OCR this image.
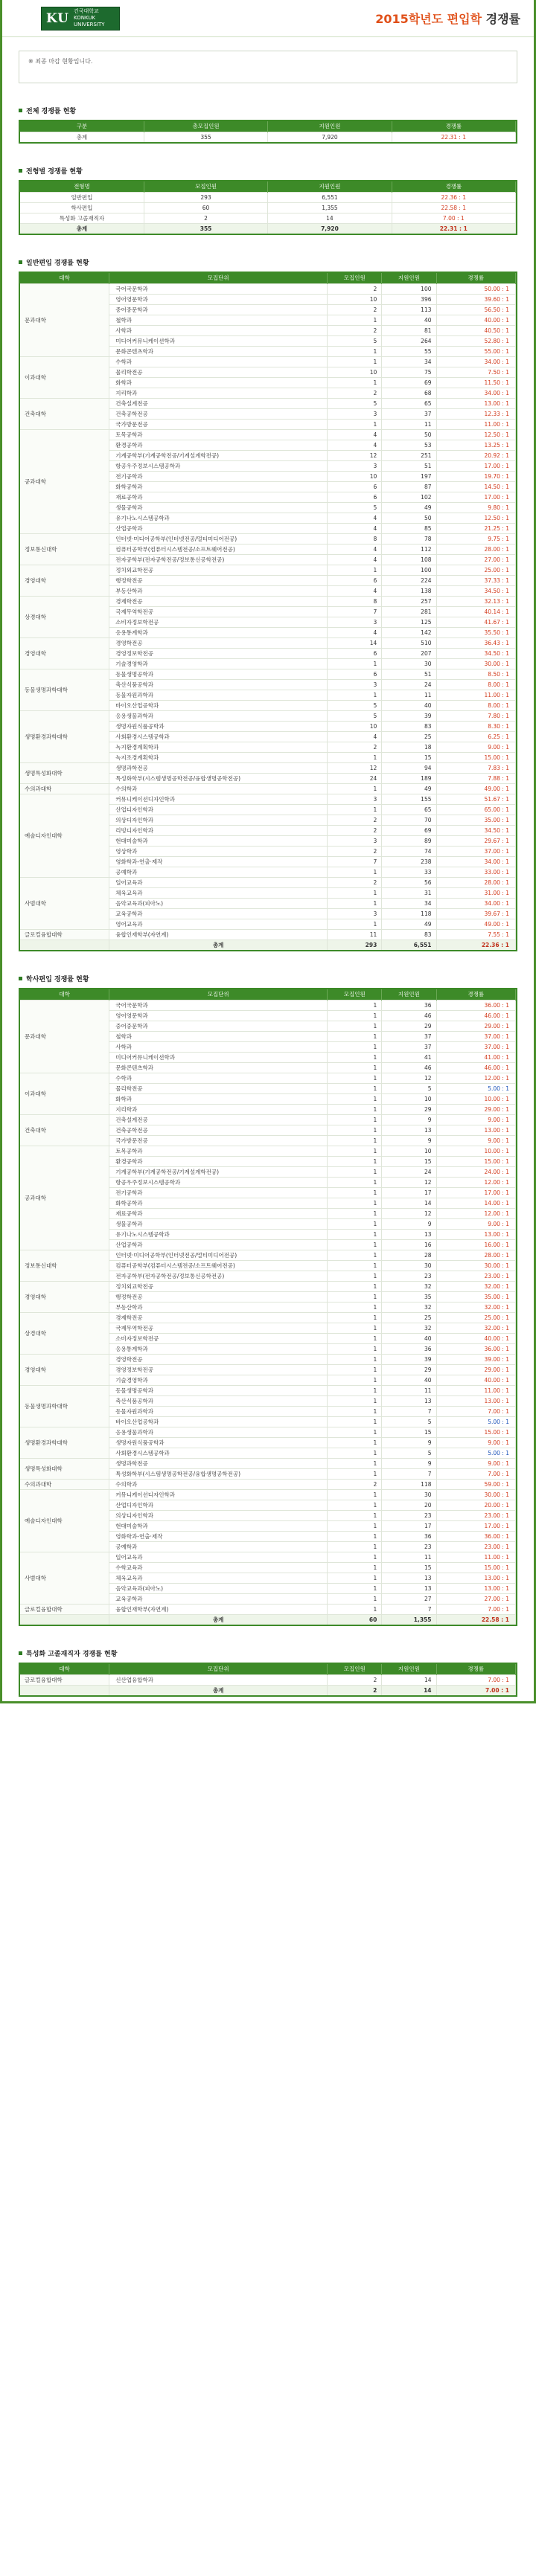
KU 건국대학교
KONKUK UNIVERSITY	2015학년도 편입학 경쟁률
※ 최종 마감 현황입니다.
전체 경쟁률 현황
구분	총모집인원	지원인원	경쟁률
총계	355	7,920	22.31 : 1
전형별 경쟁률 현황
전형명	모집인원	지원인원	경쟁률
일반편입	293	6,551	22.36 : 1
학사편입	60	1,355	22.58 : 1
특성화 고졸재직자	2	14	7.00 : 1
총계	355	7,920	22.31 : 1
일반편입 경쟁률 현황
대학	모집단위	모집인원	지원인원	경쟁률
문과대학	국어국문학과	2	100	50.00 : 1
	영어영문학과	10	396	39.60 : 1
	중어중문학과	2	113	56.50 : 1
	철학과	1	40	40.00 : 1
	사학과	2	81	40.50 : 1
	미디어커뮤니케이션학과	5	264	52.80 : 1
	문화콘텐츠학과	1	55	55.00 : 1
이과대학	수학과	1	34	34.00 : 1
	물리학전공	10	75	7.50 : 1
	화학과	1	69	11.50 : 1
	지리학과	2	68	34.00 : 1
건축대학	건축설계전공	5	65	13.00 : 1
	건축공학전공	3	37	12.33 : 1
	국가방문전공	1	11	11.00 : 1
공과대학	토목공학과	4	50	12.50 : 1
	환경공학과	4	53	13.25 : 1
	기계공학부(기계공학전공/기계설계학전공)	12	251	20.92 : 1
	항공우주정보시스템공학과	3	51	17.00 : 1
	전기공학과	10	197	19.70 : 1
	화학공학과	6	87	14.50 : 1
	재료공학과	6	102	17.00 : 1
	생물공학과	5	49	9.80 : 1
	유기나노시스템공학과	4	50	12.50 : 1
	산업공학과	4	85	21.25 : 1
정보통신대학	인터넷·미디어공학부(인터넷전공/멀티미디어전공)	8	78	9.75 : 1
	컴퓨터공학부(컴퓨터시스템전공/소프트웨어전공)	4	112	28.00 : 1
	전자공학부(전자공학전공/정보통신공학전공)	4	108	27.00 : 1
경영대학	정치외교학전공	1	100	25.00 : 1
	행정학전공	6	224	37.33 : 1
	부동산학과	4	138	34.50 : 1
상경대학	경제학전공	8	257	32.13 : 1
	국제무역학전공	7	281	40.14 : 1
	소비자정보학전공	3	125	41.67 : 1
	응용통계학과	4	142	35.50 : 1
경영대학	경영학전공	14	510	36.43 : 1
	경영정보학전공	6	207	34.50 : 1
	기술경영학과	1	30	30.00 : 1
동물생명과학대학	동물생명공학과	6	51	8.50 : 1
	축산식품공학과	3	24	8.00 : 1
	동물자원과학과	1	11	11.00 : 1
	바이오산업공학과	5	40	8.00 : 1
생명환경과학대학	응용생물과학과	5	39	7.80 : 1
	생명자원식품공학과	10	83	8.30 : 1
	사회환경시스템공학과	4	25	6.25 : 1
	녹지환경계획학과	2	18	9.00 : 1
	녹지조경계획학과	1	15	15.00 : 1
생명특성화대학	생명과학전공	12	94	7.83 : 1
	특성화학부(시스템생명공학전공/융합생명공학전공)	24	189	7.88 : 1
수의과대학	수의학과	1	49	49.00 : 1
예술디자인대학	커뮤니케이션디자인학과	3	155	51.67 : 1
	산업디자인학과	1	65	65.00 : 1
	의상디자인학과	2	70	35.00 : 1
	리빙디자인학과	2	69	34.50 : 1
	현대미술학과	3	89	29.67 : 1
	영상학과	2	74	37.00 : 1
	영화학과-연출·제작	7	238	34.00 : 1
	공예학과	1	33	33.00 : 1
사범대학	일어교육과	2	56	28.00 : 1
	체육교육과	1	31	31.00 : 1
	음악교육과(피아노)	1	34	34.00 : 1
	교육공학과	3	118	39.67 : 1
	영어교육과	1	49	49.00 : 1
글로컬융합대학	융합인재학부(자연계)	11	83	7.55 : 1
	총계	293	6,551	22.36 : 1
학사편입 경쟁률 현황
대학	모집단위	모집인원	지원인원	경쟁률
문과대학	국어국문학과	1	36	36.00 : 1
	영어영문학과	1	46	46.00 : 1
	중어중문학과	1	29	29.00 : 1
	철학과	1	37	37.00 : 1
	사학과	1	37	37.00 : 1
	미디어커뮤니케이션학과	1	41	41.00 : 1
	문화콘텐츠학과	1	46	46.00 : 1
이과대학	수학과	1	12	12.00 : 1
	물리학전공	1	5	5.00 : 1
	화학과	1	10	10.00 : 1
	지리학과	1	29	29.00 : 1
건축대학	건축설계전공	1	9	9.00 : 1
	건축공학전공	1	13	13.00 : 1
	국가방문전공	1	9	9.00 : 1
공과대학	토목공학과	1	10	10.00 : 1
	환경공학과	1	15	15.00 : 1
	기계공학부(기계공학전공/기계설계학전공)	1	24	24.00 : 1
	항공우주정보시스템공학과	1	12	12.00 : 1
	전기공학과	1	17	17.00 : 1
	화학공학과	1	14	14.00 : 1
	재료공학과	1	12	12.00 : 1
	생물공학과	1	9	9.00 : 1
	유기나노시스템공학과	1	13	13.00 : 1
	산업공학과	1	16	16.00 : 1
정보통신대학	인터넷·미디어공학부(인터넷전공/멀티미디어전공)	1	28	28.00 : 1
	컴퓨터공학부(컴퓨터시스템전공/소프트웨어전공)	1	30	30.00 : 1
	전자공학부(전자공학전공/정보통신공학전공)	1	23	23.00 : 1
경영대학	정치외교학전공	1	32	32.00 : 1
	행정학전공	1	35	35.00 : 1
	부동산학과	1	32	32.00 : 1
상경대학	경제학전공	1	25	25.00 : 1
	국제무역학전공	1	32	32.00 : 1
	소비자정보학전공	1	40	40.00 : 1
	응용통계학과	1	36	36.00 : 1
경영대학	경영학전공	1	39	39.00 : 1
	경영정보학전공	1	29	29.00 : 1
	기술경영학과	1	40	40.00 : 1
동물생명과학대학	동물생명공학과	1	11	11.00 : 1
	축산식품공학과	1	13	13.00 : 1
	동물자원과학과	1	7	7.00 : 1
	바이오산업공학과	1	5	5.00 : 1
생명환경과학대학	응용생물과학과	1	15	15.00 : 1
	생명자원식품공학과	1	9	9.00 : 1
	사회환경시스템공학과	1	5	5.00 : 1
생명특성화대학	생명과학전공	1	9	9.00 : 1
	특성화학부(시스템생명공학전공/융합생명공학전공)	1	7	7.00 : 1
수의과대학	수의학과	2	118	59.00 : 1
예술디자인대학	커뮤니케이션디자인학과	1	30	30.00 : 1
	산업디자인학과	1	20	20.00 : 1
	의상디자인학과	1	23	23.00 : 1
	현대미술학과	1	17	17.00 : 1
	영화학과-연출·제작	1	36	36.00 : 1
	공예학과	1	23	23.00 : 1
사범대학	일어교육과	1	11	11.00 : 1
	수학교육과	1	15	15.00 : 1
	체육교육과	1	13	13.00 : 1
	음악교육과(피아노)	1	13	13.00 : 1
	교육공학과	1	27	27.00 : 1
글로컬융합대학	융합인재학부(자연계)	1	7	7.00 : 1
	총계	60	1,355	22.58 : 1
특성화 고졸재직자 경쟁률 현황
대학	모집단위	모집인원	지원인원	경쟁률
글로컬융합대학	신산업융합학과	2	14	7.00 : 1
	총계	2	14	7.00 : 1
